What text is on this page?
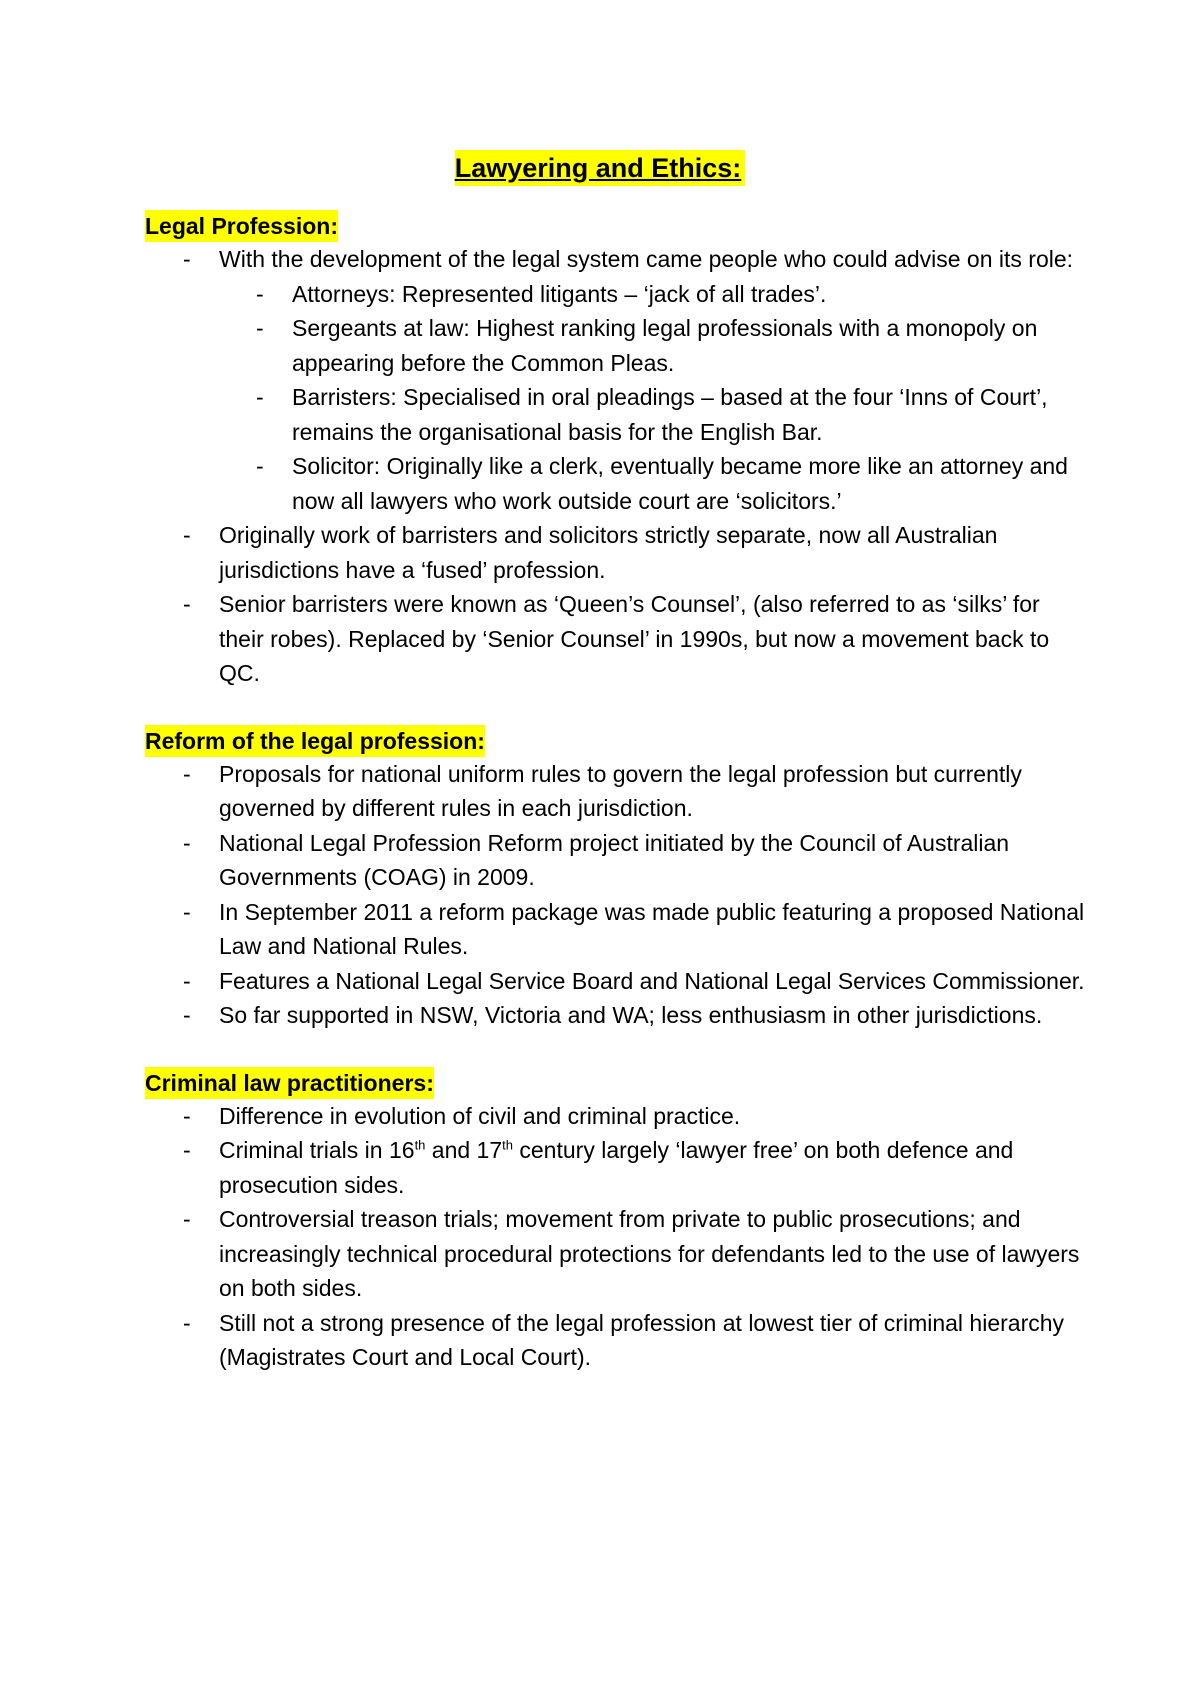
Lawyering and Ethics:
Legal Profession:
- With the development of the legal system came people who could advise on its role:
- Attorneys: Represented litigants – ‘jack of all trades’.
- Sergeants at law: Highest ranking legal professionals with a monopoly on appearing before the Common Pleas.
- Barristers: Specialised in oral pleadings – based at the four ‘Inns of Court’, remains the organisational basis for the English Bar.
- Solicitor: Originally like a clerk, eventually became more like an attorney and now all lawyers who work outside court are ‘solicitors.’
- Originally work of barristers and solicitors strictly separate, now all Australian jurisdictions have a ‘fused’ profession.
- Senior barristers were known as ‘Queen’s Counsel’, (also referred to as ‘silks’ for their robes). Replaced by ‘Senior Counsel’ in 1990s, but now a movement back to QC.
Reform of the legal profession:
- Proposals for national uniform rules to govern the legal profession but currently governed by different rules in each jurisdiction.
- National Legal Profession Reform project initiated by the Council of Australian Governments (COAG) in 2009.
- In September 2011 a reform package was made public featuring a proposed National Law and National Rules.
- Features a National Legal Service Board and National Legal Services Commissioner.
- So far supported in NSW, Victoria and WA; less enthusiasm in other jurisdictions.
Criminal law practitioners:
- Difference in evolution of civil and criminal practice.
- Criminal trials in 16th and 17th century largely ‘lawyer free’ on both defence and prosecution sides.
- Controversial treason trials; movement from private to public prosecutions; and increasingly technical procedural protections for defendants led to the use of lawyers on both sides.
- Still not a strong presence of the legal profession at lowest tier of criminal hierarchy (Magistrates Court and Local Court).
